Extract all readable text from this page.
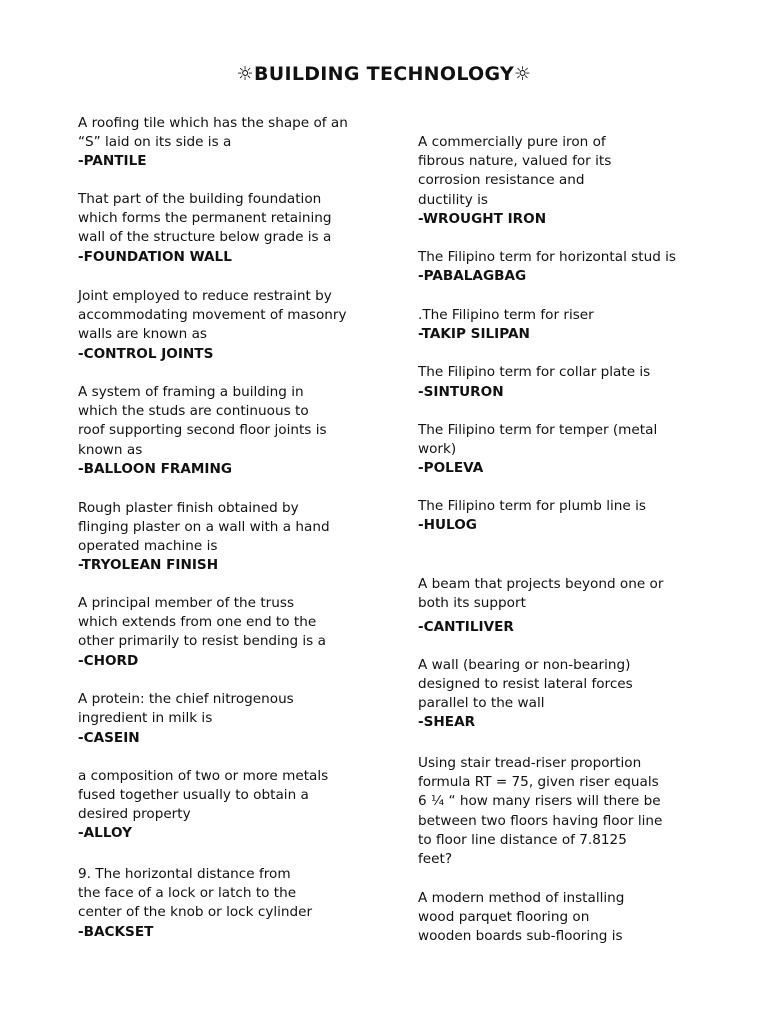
☼BUILDING TECHNOLOGY☼
A roofing tile which has the shape of an
“S” laid on its side is a
-PANTILE
That part of the building foundation
which forms the permanent retaining
wall of the structure below grade is a
-FOUNDATION WALL
Joint employed to reduce restraint by
accommodating movement of masonry
walls are known as
-CONTROL JOINTS
A system of framing a building in
which the studs are continuous to
roof supporting second floor joints is
known as
-BALLOON FRAMING
Rough plaster finish obtained by
flinging plaster on a wall with a hand
operated machine is
-TRYOLEAN FINISH
A principal member of the truss
which extends from one end to the
other primarily to resist bending is a
-CHORD
A protein: the chief nitrogenous
ingredient in milk is
-CASEIN
a composition of two or more metals
fused together usually to obtain a
desired property
-ALLOY
9. The horizontal distance from
the face of a lock or latch to the
center of the knob or lock cylinder
-BACKSET
A commercially pure iron of
fibrous nature, valued for its
corrosion resistance and
ductility is
-WROUGHT IRON
The Filipino term for horizontal stud is
-PABALAGBAG
.The Filipino term for riser
-TAKIP SILIPAN
The Filipino term for collar plate is
-SINTURON
The Filipino term for temper (metal
work)
-POLEVA
The Filipino term for plumb line is
-HULOG
A beam that projects beyond one or
both its support
-CANTILIVER
A wall (bearing or non-bearing)
designed to resist lateral forces
parallel to the wall
-SHEAR
Using stair tread-riser proportion
formula RT = 75, given riser equals
6 ¼ “ how many risers will there be
between two floors having floor line
to floor line distance of 7.8125
feet?
A modern method of installing
wood parquet flooring on
wooden boards sub-flooring is
